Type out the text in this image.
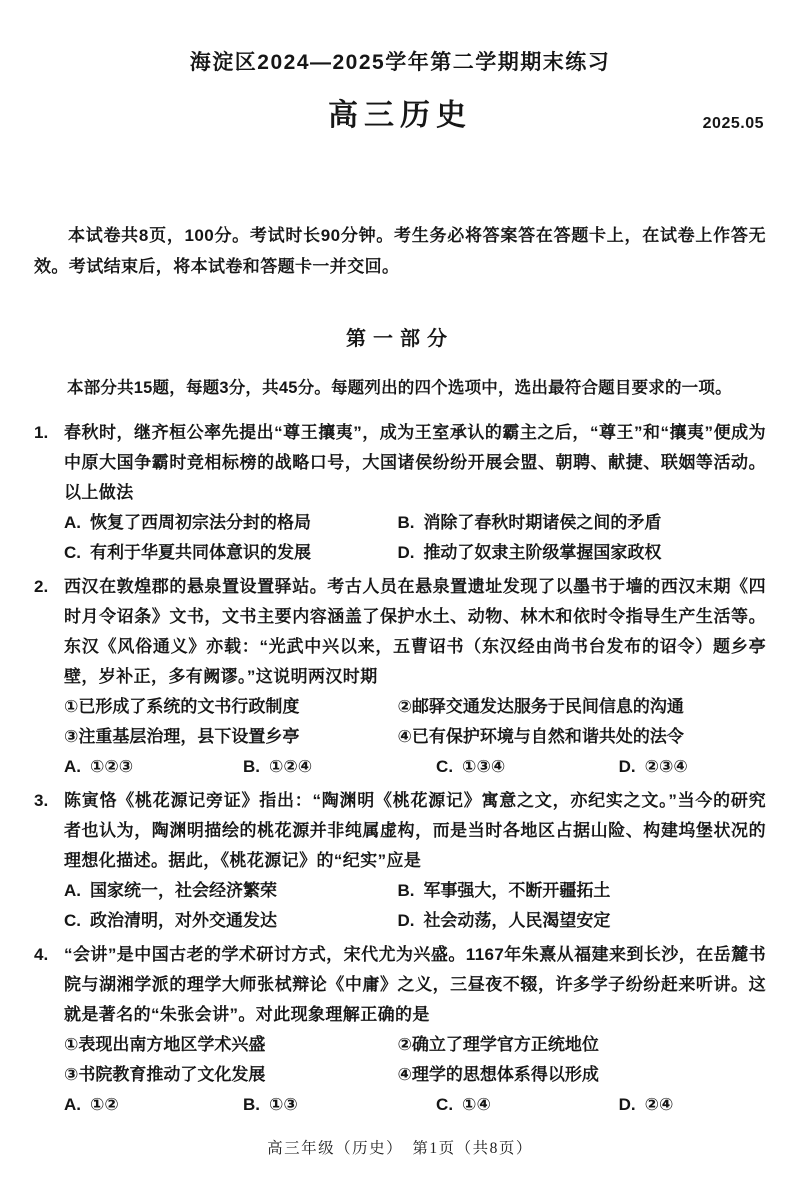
海淀区2024—2025学年第二学期期末练习
高三历史	2025.05

本试卷共8页，100分。考试时长90分钟。考生务必将答案答在答题卡上，在试卷上作答无效。考试结束后，将本试卷和答题卡一并交回。

第一部分

本部分共15题，每题3分，共45分。每题列出的四个选项中，选出最符合题目要求的一项。

1. 春秋时，继齐桓公率先提出“尊王攘夷”，成为王室承认的霸主之后，“尊王”和“攘夷”便成为中原大国争霸时竞相标榜的战略口号，大国诸侯纷纷开展会盟、朝聘、献捷、联姻等活动。以上做法
A. 恢复了西周初宗法分封的格局	B. 消除了春秋时期诸侯之间的矛盾
C. 有利于华夏共同体意识的发展	D. 推动了奴隶主阶级掌握国家政权
2. 西汉在敦煌郡的悬泉置设置驿站。考古人员在悬泉置遗址发现了以墨书于墙的西汉末期《四时月令诏条》文书，文书主要内容涵盖了保护水土、动物、林木和依时令指导生产生活等。东汉《风俗通义》亦载：“光武中兴以来，五曹诏书（东汉经由尚书台发布的诏令）题乡亭壁，岁补正，多有阙谬。”这说明两汉时期
①已形成了系统的文书行政制度	②邮驿交通发达服务于民间信息的沟通
③注重基层治理，县下设置乡亭	④已有保护环境与自然和谐共处的法令
A. ①②③	B. ①②④	C. ①③④	D. ②③④
3. 陈寅恪《桃花源记旁证》指出：“陶渊明《桃花源记》寓意之文，亦纪实之文。”当今的研究者也认为，陶渊明描绘的桃花源并非纯属虚构，而是当时各地区占据山险、构建坞堡状况的理想化描述。据此，《桃花源记》的“纪实”应是
A. 国家统一，社会经济繁荣	B. 军事强大，不断开疆拓土
C. 政治清明，对外交通发达	D. 社会动荡，人民渴望安定
4. “会讲”是中国古老的学术研讨方式，宋代尤为兴盛。1167年朱熹从福建来到长沙，在岳麓书院与湖湘学派的理学大师张栻辩论《中庸》之义，三昼夜不辍，许多学子纷纷赶来听讲。这就是著名的“朱张会讲”。对此现象理解正确的是
①表现出南方地区学术兴盛	②确立了理学官方正统地位
③书院教育推动了文化发展	④理学的思想体系得以形成
A. ①②	B. ①③	C. ①④	D. ②④
高三年级（历史）　第1页（共8页）
